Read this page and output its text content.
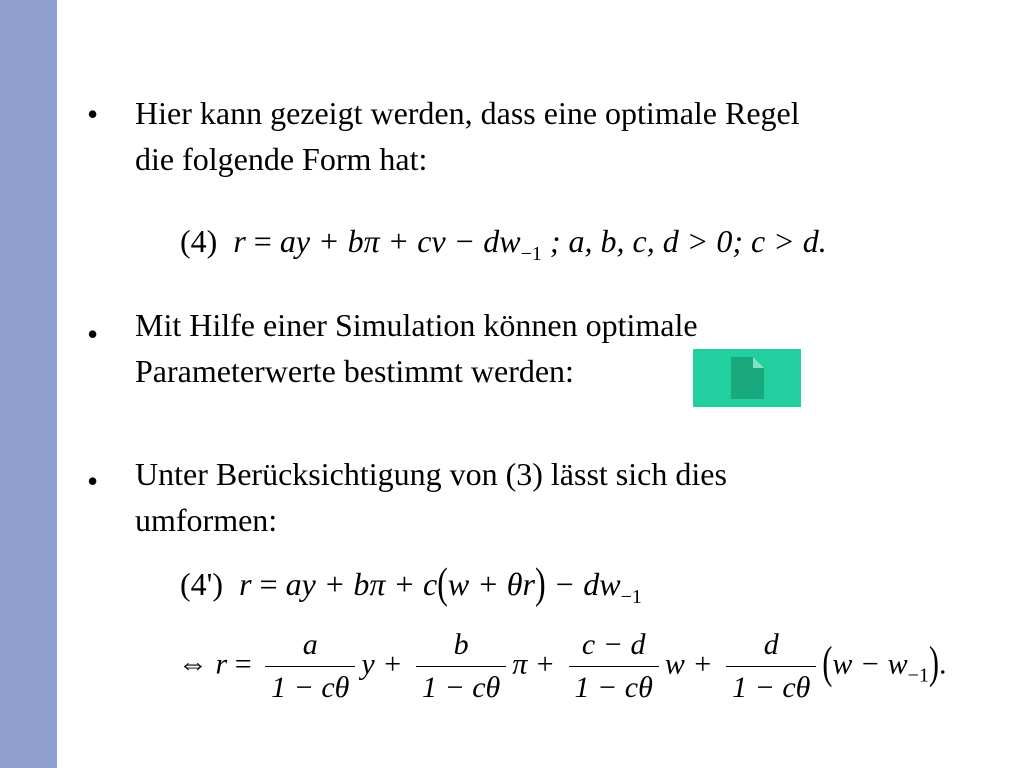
• Hier kann gezeigt werden, dass eine optimale Regel
die folgende Form hat:
(4) r = ay + $b\pi + c\nu - dw_{-1}$ ; a, b, c, d > 0; c > d.
• Mit Hilfe einer Simulation können optimale
Parameterwerte bestimmt werden:
• Unter Berücksichtigung von (3) lässt sich dies
umformen:
(4') r = ay + $b\pi + c(w + \theta r) - dw_{-1}$
⇔ $r = \frac{a}{1 - c\theta}$ $y + \frac{b}{1 - c\theta}$ $\pi + \frac{c - d}{1 - c\theta}$ $w + \frac{d}{1 - c\theta} (w - w_{-1})$.
